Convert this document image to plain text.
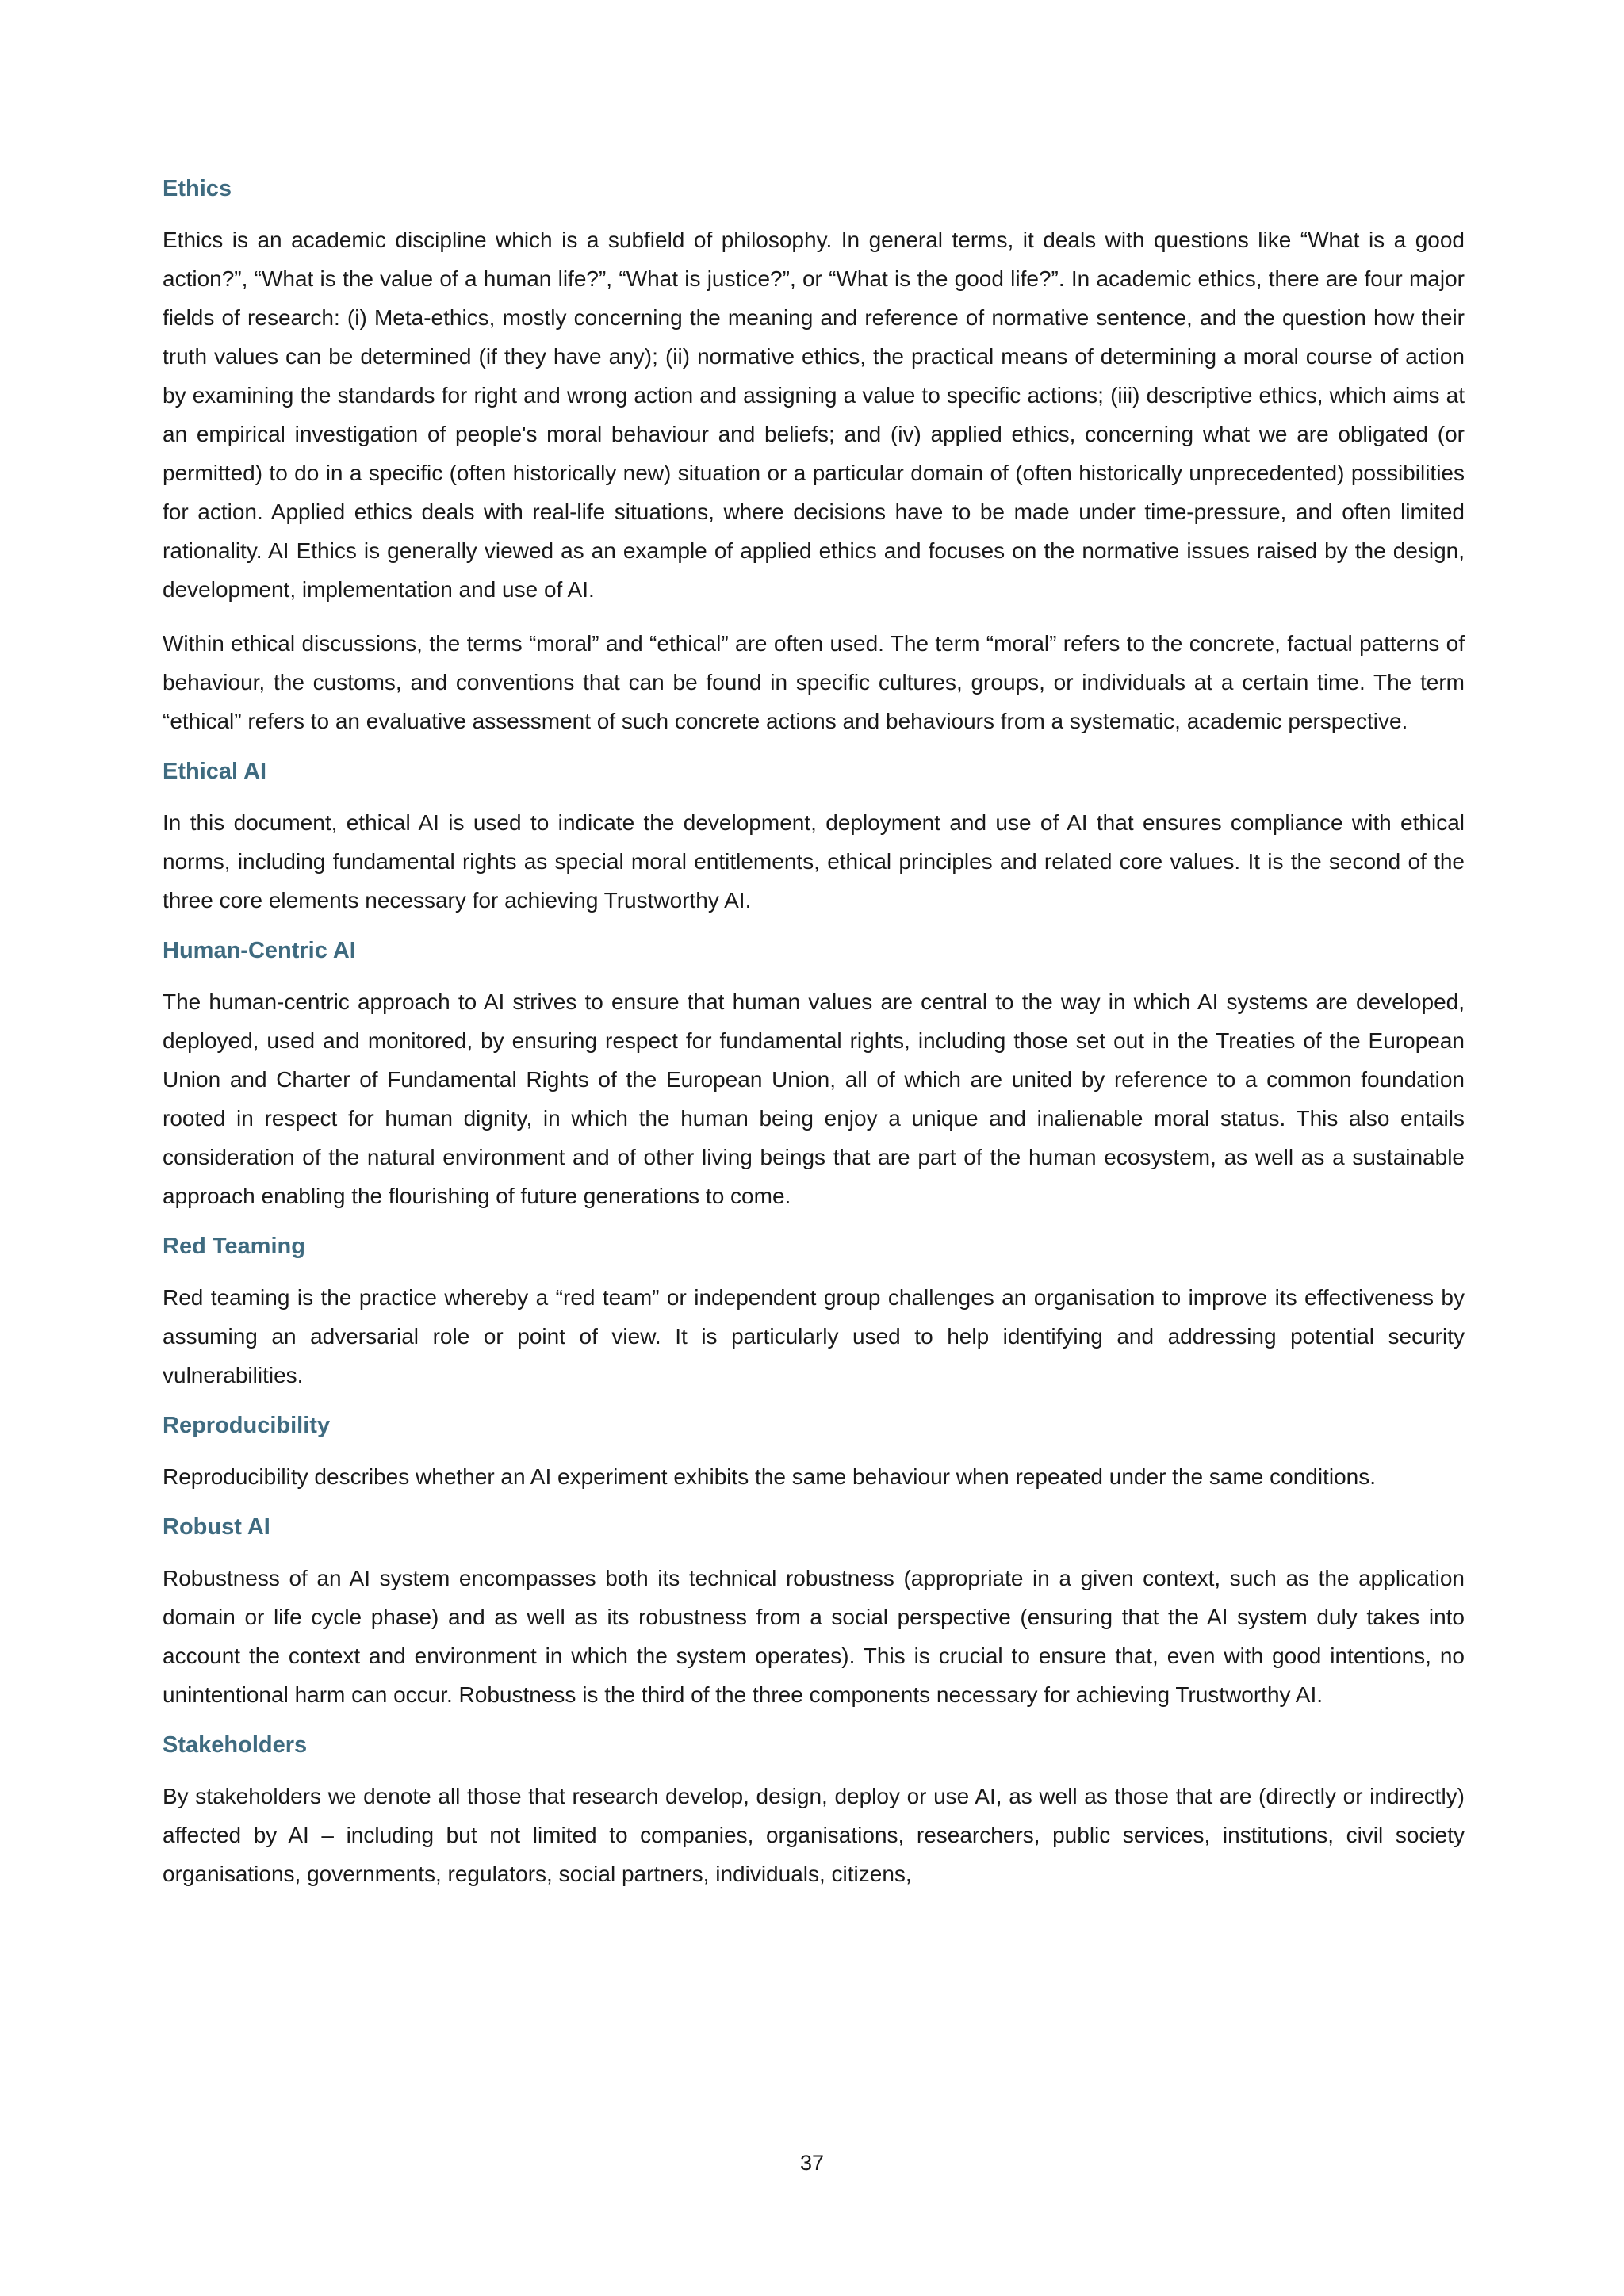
Ethics

Ethics is an academic discipline which is a subfield of philosophy. In general terms, it deals with questions like “What is a good action?”, “What is the value of a human life?”, “What is justice?”, or “What is the good life?”. In academic ethics, there are four major fields of research: (i) Meta-ethics, mostly concerning the meaning and reference of normative sentence, and the question how their truth values can be determined (if they have any); (ii) normative ethics, the practical means of determining a moral course of action by examining the standards for right and wrong action and assigning a value to specific actions; (iii) descriptive ethics, which aims at an empirical investigation of people's moral behaviour and beliefs; and (iv) applied ethics, concerning what we are obligated (or permitted) to do in a specific (often historically new) situation or a particular domain of (often historically unprecedented) possibilities for action. Applied ethics deals with real-life situations, where decisions have to be made under time-pressure, and often limited rationality. AI Ethics is generally viewed as an example of applied ethics and focuses on the normative issues raised by the design, development, implementation and use of AI.

Within ethical discussions, the terms “moral” and “ethical” are often used. The term “moral” refers to the concrete, factual patterns of behaviour, the customs, and conventions that can be found in specific cultures, groups, or individuals at a certain time. The term “ethical” refers to an evaluative assessment of such concrete actions and behaviours from a systematic, academic perspective.

Ethical AI

In this document, ethical AI is used to indicate the development, deployment and use of AI that ensures compliance with ethical norms, including fundamental rights as special moral entitlements, ethical principles and related core values. It is the second of the three core elements necessary for achieving Trustworthy AI.

Human-Centric AI

The human-centric approach to AI strives to ensure that human values are central to the way in which AI systems are developed, deployed, used and monitored, by ensuring respect for fundamental rights, including those set out in the Treaties of the European Union and Charter of Fundamental Rights of the European Union, all of which are united by reference to a common foundation rooted in respect for human dignity, in which the human being enjoy a unique and inalienable moral status. This also entails consideration of the natural environment and of other living beings that are part of the human ecosystem, as well as a sustainable approach enabling the flourishing of future generations to come.

Red Teaming

Red teaming is the practice whereby a “red team” or independent group challenges an organisation to improve its effectiveness by assuming an adversarial role or point of view. It is particularly used to help identifying and addressing potential security vulnerabilities.

Reproducibility

Reproducibility describes whether an AI experiment exhibits the same behaviour when repeated under the same conditions.

Robust AI

Robustness of an AI system encompasses both its technical robustness (appropriate in a given context, such as the application domain or life cycle phase) and as well as its robustness from a social perspective (ensuring that the AI system duly takes into account the context and environment in which the system operates). This is crucial to ensure that, even with good intentions, no unintentional harm can occur. Robustness is the third of the three components necessary for achieving Trustworthy AI.

Stakeholders

By stakeholders we denote all those that research develop, design, deploy or use AI, as well as those that are (directly or indirectly) affected by AI – including but not limited to companies, organisations, researchers, public services, institutions, civil society organisations, governments, regulators, social partners, individuals, citizens,

37
